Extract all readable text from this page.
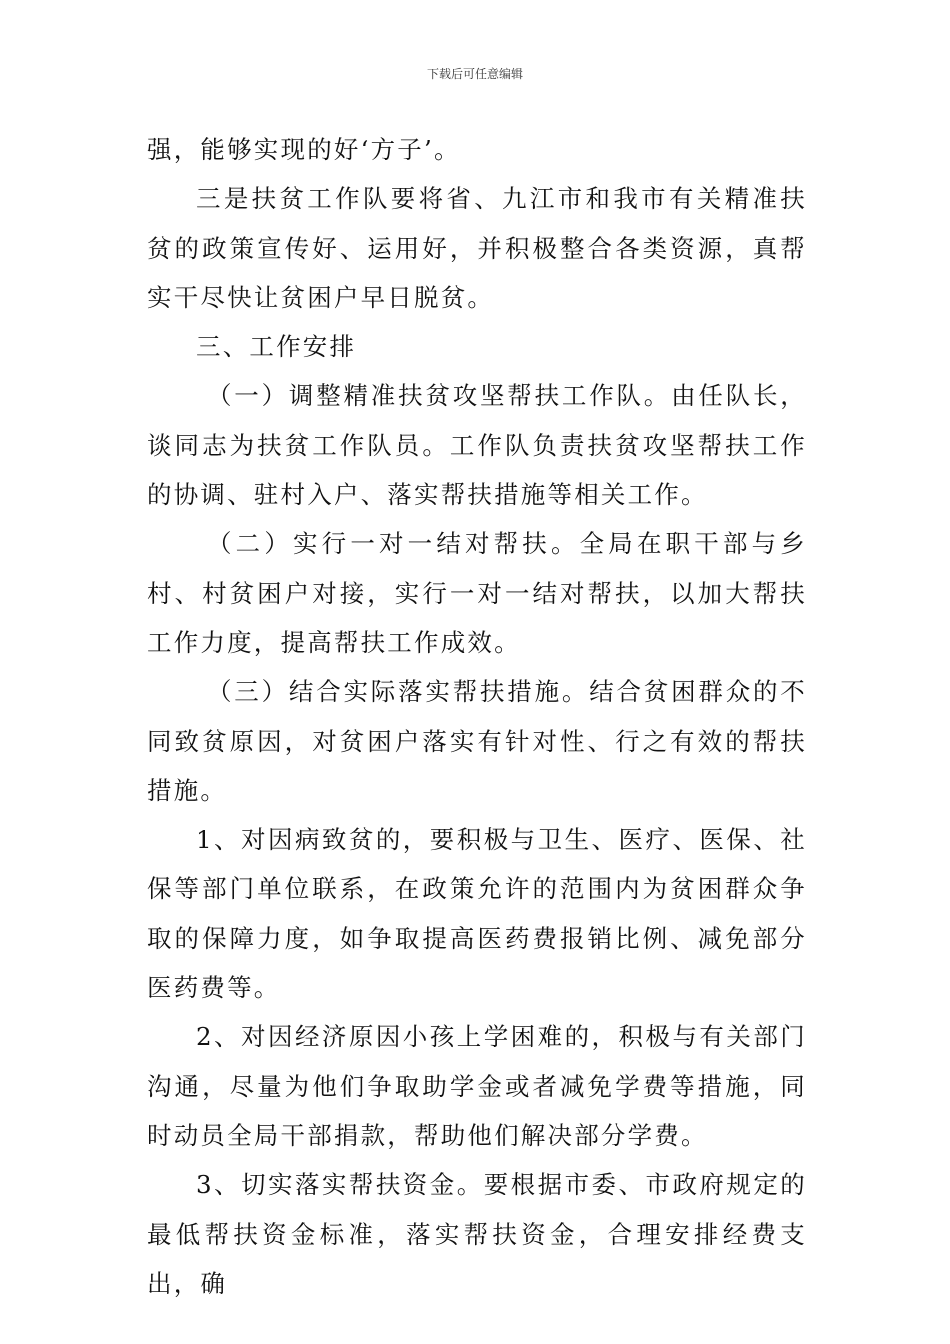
下载后可任意编辑

强，能够实现的好‘方子’。

三是扶贫工作队要将省、九江市和我市有关精准扶贫的政策宣传好、运用好，并积极整合各类资源，真帮实干尽快让贫困户早日脱贫。

三、工作安排

（一）调整精准扶贫攻坚帮扶工作队。由任队长，谈同志为扶贫工作队员。工作队负责扶贫攻坚帮扶工作的协调、驻村入户、落实帮扶措施等相关工作。

（二）实行一对一结对帮扶。全局在职干部与乡村、村贫困户对接，实行一对一结对帮扶，以加大帮扶工作力度，提高帮扶工作成效。

（三）结合实际落实帮扶措施。结合贫困群众的不同致贫原因，对贫困户落实有针对性、行之有效的帮扶措施。

1、对因病致贫的，要积极与卫生、医疗、医保、社保等部门单位联系，在政策允许的范围内为贫困群众争取的保障力度，如争取提高医药费报销比例、减免部分医药费等。

2、对因经济原因小孩上学困难的，积极与有关部门沟通，尽量为他们争取助学金或者减免学费等措施，同时动员全局干部捐款，帮助他们解决部分学费。

3、切实落实帮扶资金。要根据市委、市政府规定的最低帮扶资金标准，落实帮扶资金，合理安排经费支出，确
